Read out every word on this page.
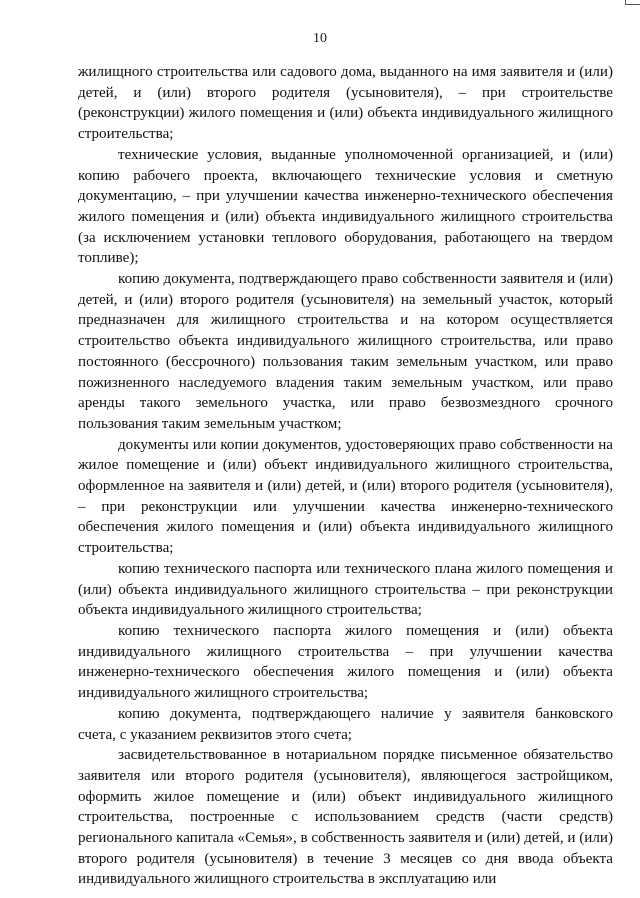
10

жилищного строительства или садового дома, выданного на имя заявителя и (или) детей, и (или) второго родителя (усыновителя), – при строительстве (реконструкции) жилого помещения и (или) объекта индивидуального жилищного строительства;

технические условия, выданные уполномоченной организацией, и (или) копию рабочего проекта, включающего технические условия и сметную документацию, – при улучшении качества инженерно-технического обеспечения жилого помещения и (или) объекта индивидуального жилищного строительства (за исключением установки теплового оборудования, работающего на твердом топливе);

копию документа, подтверждающего право собственности заявителя и (или) детей, и (или) второго родителя (усыновителя) на земельный участок, который предназначен для жилищного строительства и на котором осуществляется строительство объекта индивидуального жилищного строительства, или право постоянного (бессрочного) пользования таким земельным участком, или право пожизненного наследуемого владения таким земельным участком, или право аренды такого земельного участка, или право безвозмездного срочного пользования таким земельным участком;

документы или копии документов, удостоверяющих право собственности на жилое помещение и (или) объект индивидуального жилищного строительства, оформленное на заявителя и (или) детей, и (или) второго родителя (усыновителя), – при реконструкции или улучшении качества инженерно-технического обеспечения жилого помещения и (или) объекта индивидуального жилищного строительства;

копию технического паспорта или технического плана жилого помещения и (или) объекта индивидуального жилищного строительства – при реконструкции объекта индивидуального жилищного строительства;

копию технического паспорта жилого помещения и (или) объекта индивидуального жилищного строительства – при улучшении качества инженерно-технического обеспечения жилого помещения и (или) объекта индивидуального жилищного строительства;

копию документа, подтверждающего наличие у заявителя банковского счета, с указанием реквизитов этого счета;

засвидетельствованное в нотариальном порядке письменное обязательство заявителя или второго родителя (усыновителя), являющегося застройщиком, оформить жилое помещение и (или) объект индивидуального жилищного строительства, построенные с использованием средств (части средств) регионального капитала «Семья», в собственность заявителя и (или) детей, и (или) второго родителя (усыновителя) в течение 3 месяцев со дня ввода объекта индивидуального жилищного строительства в эксплуатацию или
